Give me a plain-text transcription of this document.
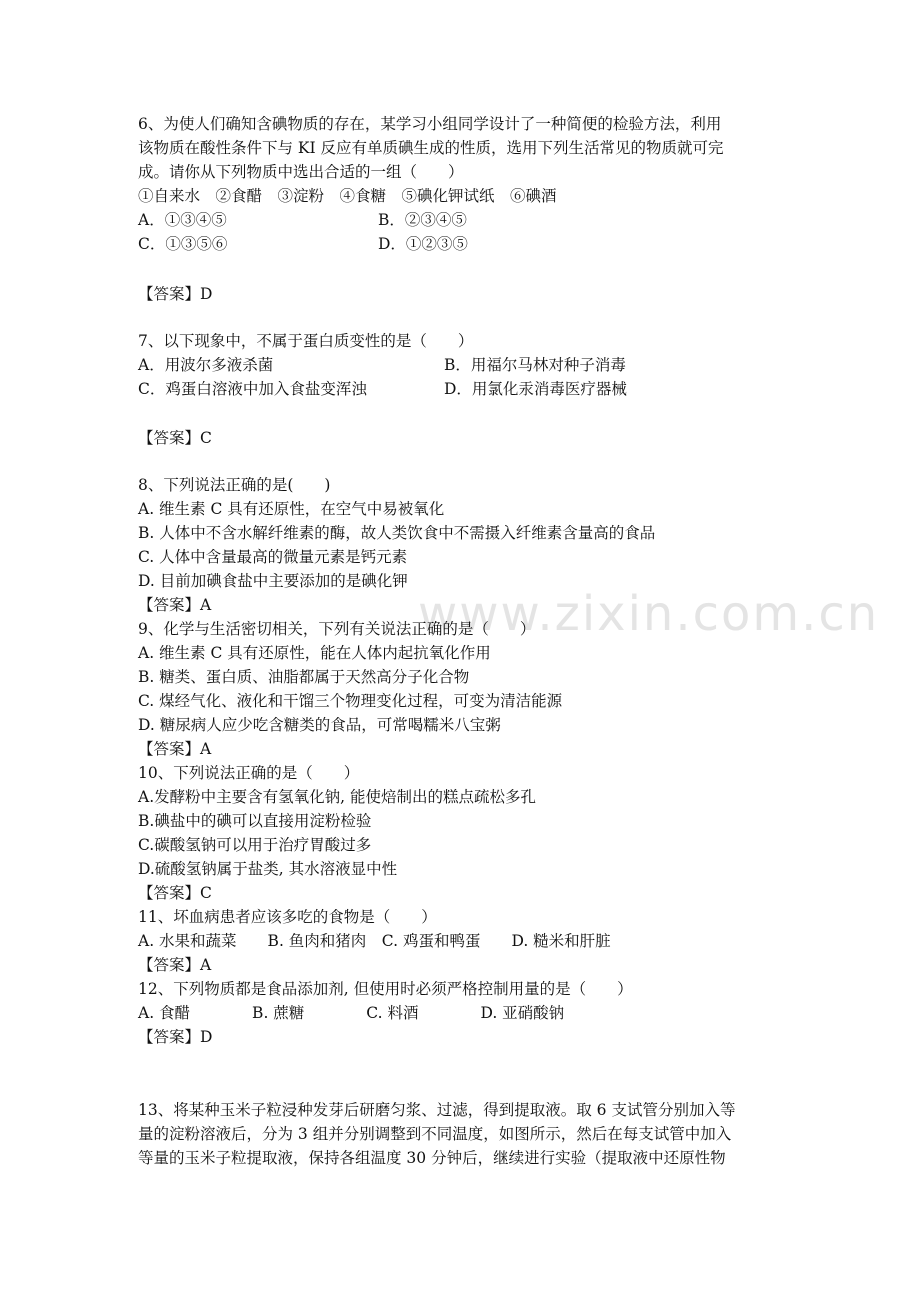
www.zixin.com.cn
6、为使人们确知含碘物质的存在，某学习小组同学设计了一种简便的检验方法，利用
该物质在酸性条件下与 KI 反应有单质碘生成的性质，选用下列生活常见的物质就可完
成。请你从下列物质中选出合适的一组（　　）
①自来水　②食醋　③淀粉　④食糖　⑤碘化钾试纸　⑥碘酒
A．①③④⑤	B．②③④⑤
C．①③⑤⑥	D．①②③⑤
【答案】D
7、以下现象中，不属于蛋白质变性的是（　　）
A．用波尔多液杀菌	B．用福尔马林对种子消毒
C．鸡蛋白溶液中加入食盐变浑浊	D．用氯化汞消毒医疗器械
【答案】C
8、下列说法正确的是(　　)
A. 维生素 C 具有还原性，在空气中易被氧化
B. 人体中不含水解纤维素的酶，故人类饮食中不需摄入纤维素含量高的食品
C. 人体中含量最高的微量元素是钙元素
D. 目前加碘食盐中主要添加的是碘化钾
【答案】A
9、化学与生活密切相关，下列有关说法正确的是（　　）
A. 维生素 C 具有还原性，能在人体内起抗氧化作用
B. 糖类、蛋白质、油脂都属于天然高分子化合物
C. 煤经气化、液化和干馏三个物理变化过程，可变为清洁能源
D. 糖尿病人应少吃含糖类的食品，可常喝糯米八宝粥
【答案】A
10、下列说法正确的是（　　）
A.发酵粉中主要含有氢氧化钠, 能使焙制出的糕点疏松多孔
B.碘盐中的碘可以直接用淀粉检验
C.碳酸氢钠可以用于治疗胃酸过多
D.硫酸氢钠属于盐类, 其水溶液显中性
【答案】C
11、坏血病患者应该多吃的食物是（　　）
A. 水果和蔬菜　　B. 鱼肉和猪肉　C. 鸡蛋和鸭蛋　　D. 糙米和肝脏
【答案】A
12、下列物质都是食品添加剂, 但使用时必须严格控制用量的是（　　）
A. 食醋　　　　B. 蔗糖　　　　C. 料酒　　　　D. 亚硝酸钠
【答案】D
13、将某种玉米子粒浸种发芽后研磨匀浆、过滤，得到提取液。取 6 支试管分别加入等
量的淀粉溶液后，分为 3 组并分别调整到不同温度，如图所示，然后在每支试管中加入
等量的玉米子粒提取液，保持各组温度 30 分钟后，继续进行实验（提取液中还原性物
